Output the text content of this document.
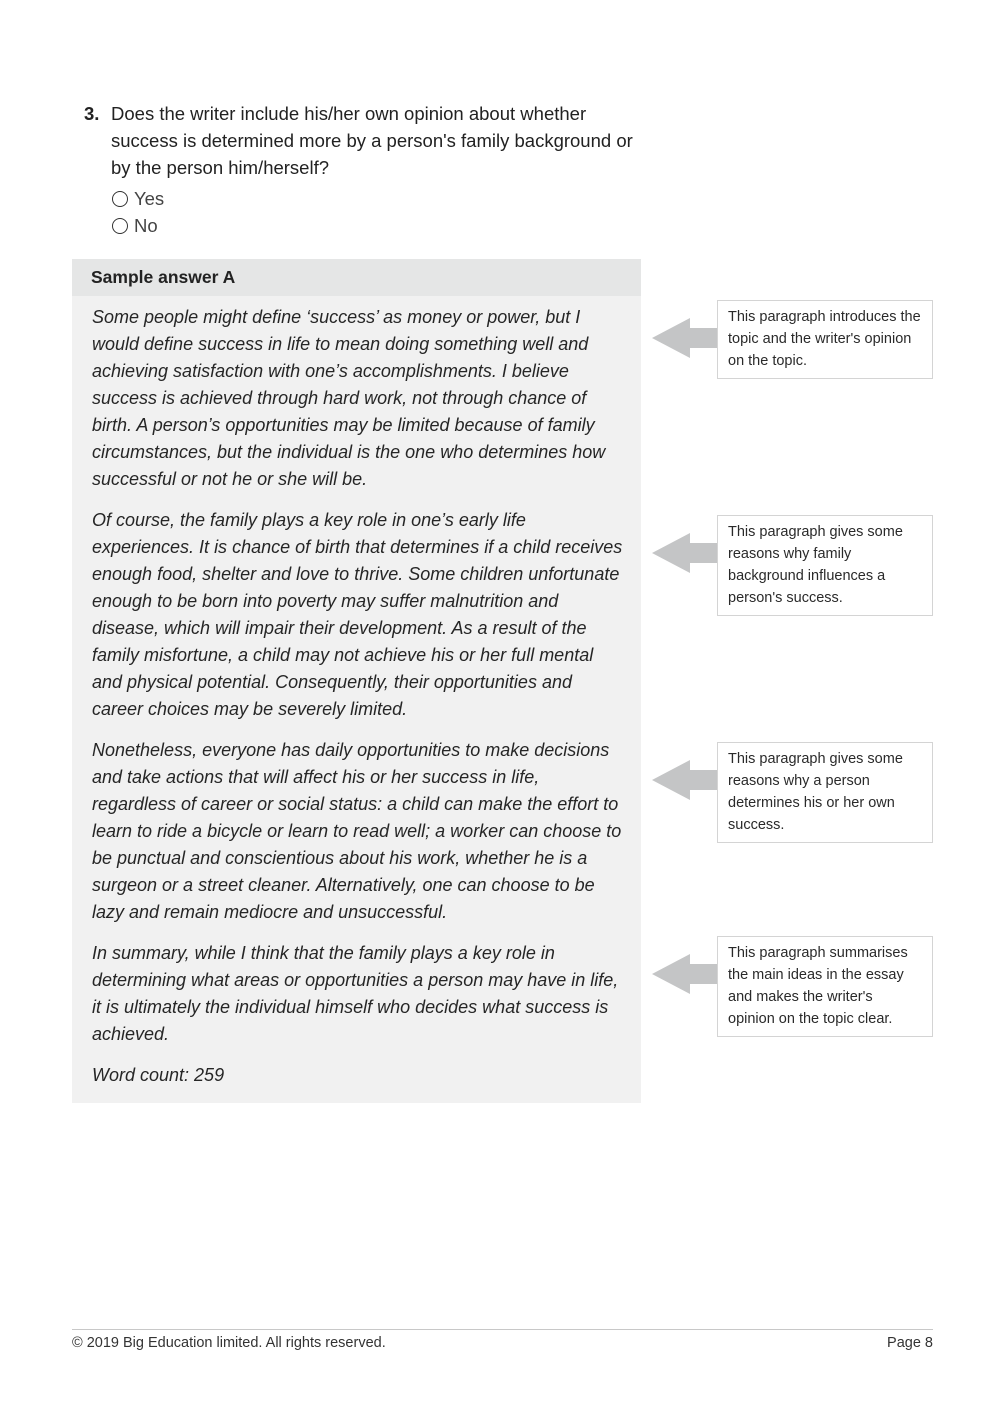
3. Does the writer include his/her own opinion about whether success is determined more by a person's family background or by the person him/herself?
Yes
No
Sample answer A

Some people might define ‘success’ as money or power, but I would define success in life to mean doing something well and achieving satisfaction with one’s accomplishments. I believe success is achieved through hard work, not through chance of birth. A person’s opportunities may be limited because of family circumstances, but the individual is the one who determines how successful or not he or she will be.

Of course, the family plays a key role in one’s early life experiences. It is chance of birth that determines if a child receives enough food, shelter and love to thrive. Some children unfortunate enough to be born into poverty may suffer malnutrition and disease, which will impair their development. As a result of the family misfortune, a child may not achieve his or her full mental and physical potential. Consequently, their opportunities and career choices may be severely limited.

Nonetheless, everyone has daily opportunities to make decisions and take actions that will affect his or her success in life, regardless of career or social status: a child can make the effort to learn to ride a bicycle or learn to read well; a worker can choose to be punctual and conscientious about his work, whether he is a surgeon or a street cleaner. Alternatively, one can choose to be lazy and remain mediocre and unsuccessful.

In summary, while I think that the family plays a key role in determining what areas or opportunities a person may have in life, it is ultimately the individual himself who decides what success is achieved.

Word count: 259

This paragraph introduces the topic and the writer's opinion on the topic.
This paragraph gives some reasons why family background influences a person's success.
This paragraph gives some reasons why a person determines his or her own success.
This paragraph summarises the main ideas in the essay and makes the writer's opinion on the topic clear.
© 2019 Big Education limited. All rights reserved.	Page 8
